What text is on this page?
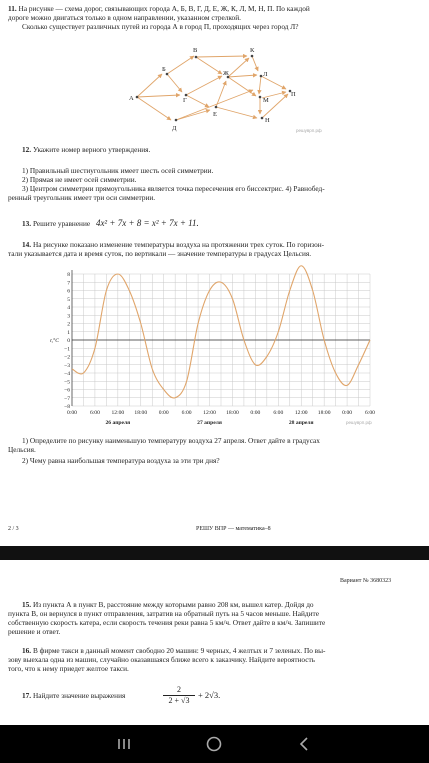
11. На рисунке — схема дорог, связывающих города А, Б, В, Г, Д, Е, Ж, К, Л, М, Н, П. По каждой
дороге можно двигаться только в одном направлении, указанном стрелкой.
Сколько существует различных путей из города А в город П, проходящих через город Л?
А
Б
В
Г
Д
Е
Ж
К
Л
М
Н
П
решуврп.рф
12. Укажите номер верного утверждения.
1) Правильный шестиугольник имеет шесть осей симметрии.
2) Прямая не имеет осей симметрии.
3) Центром симметрии прямоугольника является точка пересечения его биссектрис. 4) Равнобед-
ренный треугольник имеет три оси симметрии.
13. Решите уравнение 4x² + 7x + 8 = x² + 7x + 11.
14. На рисунке показано изменение температуры воздуха на протяжении трех суток. По горизон-
тали указывается дата и время суток, по вертикали — значение температуры в градусах Цельсия.
8
7
6
5
4
3
2
1
0
−1
−2
−3
−4
−5
−6
−7
−8
0:00 6:00 12:00 18:00 0:00 6:00 12:00 18:00 0:00 6:00 12:00 18:00 0:00 6:00
26 апреля	27 апреля	28 апреля
t,°C
решуврп.рф
1) Определите по рисунку наименьшую температуру воздуха 27 апреля. Ответ дайте в градусах
Цельсия.
2) Чему равна наибольшая температура воздуха за эти три дня?
2 / 3	РЕШУ ВПР — математика–8
Вариант № 3680323
15. Из пункта А в пункт В, расстояние между которыми равно 208 км, вышел катер. Дойдя до
пункта В, он вернулся в пункт отправления, затратив на обратный путь на 5 часов меньше. Найдите
собственную скорость катера, если скорость течения реки равна 5 км/ч. Ответ дайте в км/ч. Запишите
решение и ответ.
16. В фирме такси в данный момент свободно 20 машин: 9 черных, 4 желтых и 7 зеленых. По вы-
зову выехала одна из машин, случайно оказавшаяся ближе всего к заказчику. Найдите вероятность
того, что к нему приедет желтое такси.
17. Найдите значение выражения	$\frac{2}{2 + √3} + 2√3$.
